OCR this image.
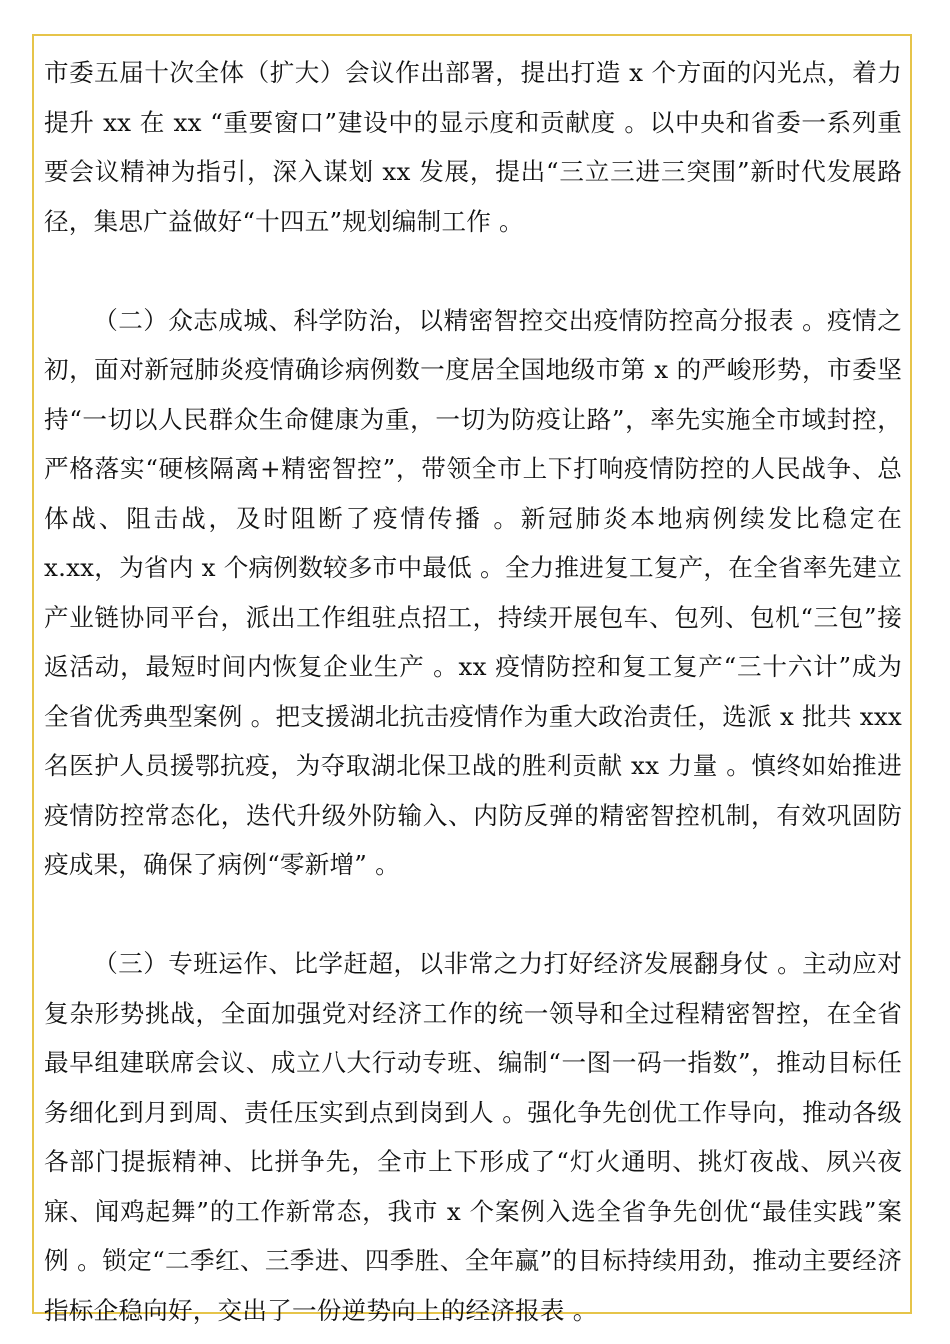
市委五届十次全体（扩大）会议作出部署，提出打造 x 个方面的闪光点，着力提升 xx 在 xx “重要窗口”建设中的显示度和贡献度 。以中央和省委一系列重要会议精神为指引，深入谋划 xx 发展，提出“三立三进三突围”新时代发展路径，集思广益做好“十四五”规划编制工作 。

（二）众志成城、科学防治，以精密智控交出疫情防控高分报表 。疫情之初，面对新冠肺炎疫情确诊病例数一度居全国地级市第 x 的严峻形势，市委坚持“一切以人民群众生命健康为重，一切为防疫让路”，率先实施全市域封控，严格落实“硬核隔离+精密智控”，带领全市上下打响疫情防控的人民战争、总体战、阻击战，及时阻断了疫情传播 。新冠肺炎本地病例续发比稳定在 x.xx，为省内 x 个病例数较多市中最低 。全力推进复工复产，在全省率先建立产业链协同平台，派出工作组驻点招工，持续开展包车、包列、包机“三包”接返活动，最短时间内恢复企业生产 。xx 疫情防控和复工复产“三十六计”成为全省优秀典型案例 。把支援湖北抗击疫情作为重大政治责任，选派 x 批共 xxx 名医护人员援鄂抗疫，为夺取湖北保卫战的胜利贡献 xx 力量 。慎终如始推进疫情防控常态化，迭代升级外防输入、内防反弹的精密智控机制，有效巩固防疫成果，确保了病例“零新增” 。

（三）专班运作、比学赶超，以非常之力打好经济发展翻身仗 。主动应对复杂形势挑战，全面加强党对经济工作的统一领导和全过程精密智控，在全省最早组建联席会议、成立八大行动专班、编制“一图一码一指数”，推动目标任务细化到月到周、责任压实到点到岗到人 。强化争先创优工作导向，推动各级各部门提振精神、比拼争先，全市上下形成了“灯火通明、挑灯夜战、夙兴夜寐、闻鸡起舞”的工作新常态，我市 x 个案例入选全省争先创优“最佳实践”案例 。锁定“二季红、三季进、四季胜、全年赢”的目标持续用劲，推动主要经济指标企稳向好，交出了一份逆势向上的经济报表 。
